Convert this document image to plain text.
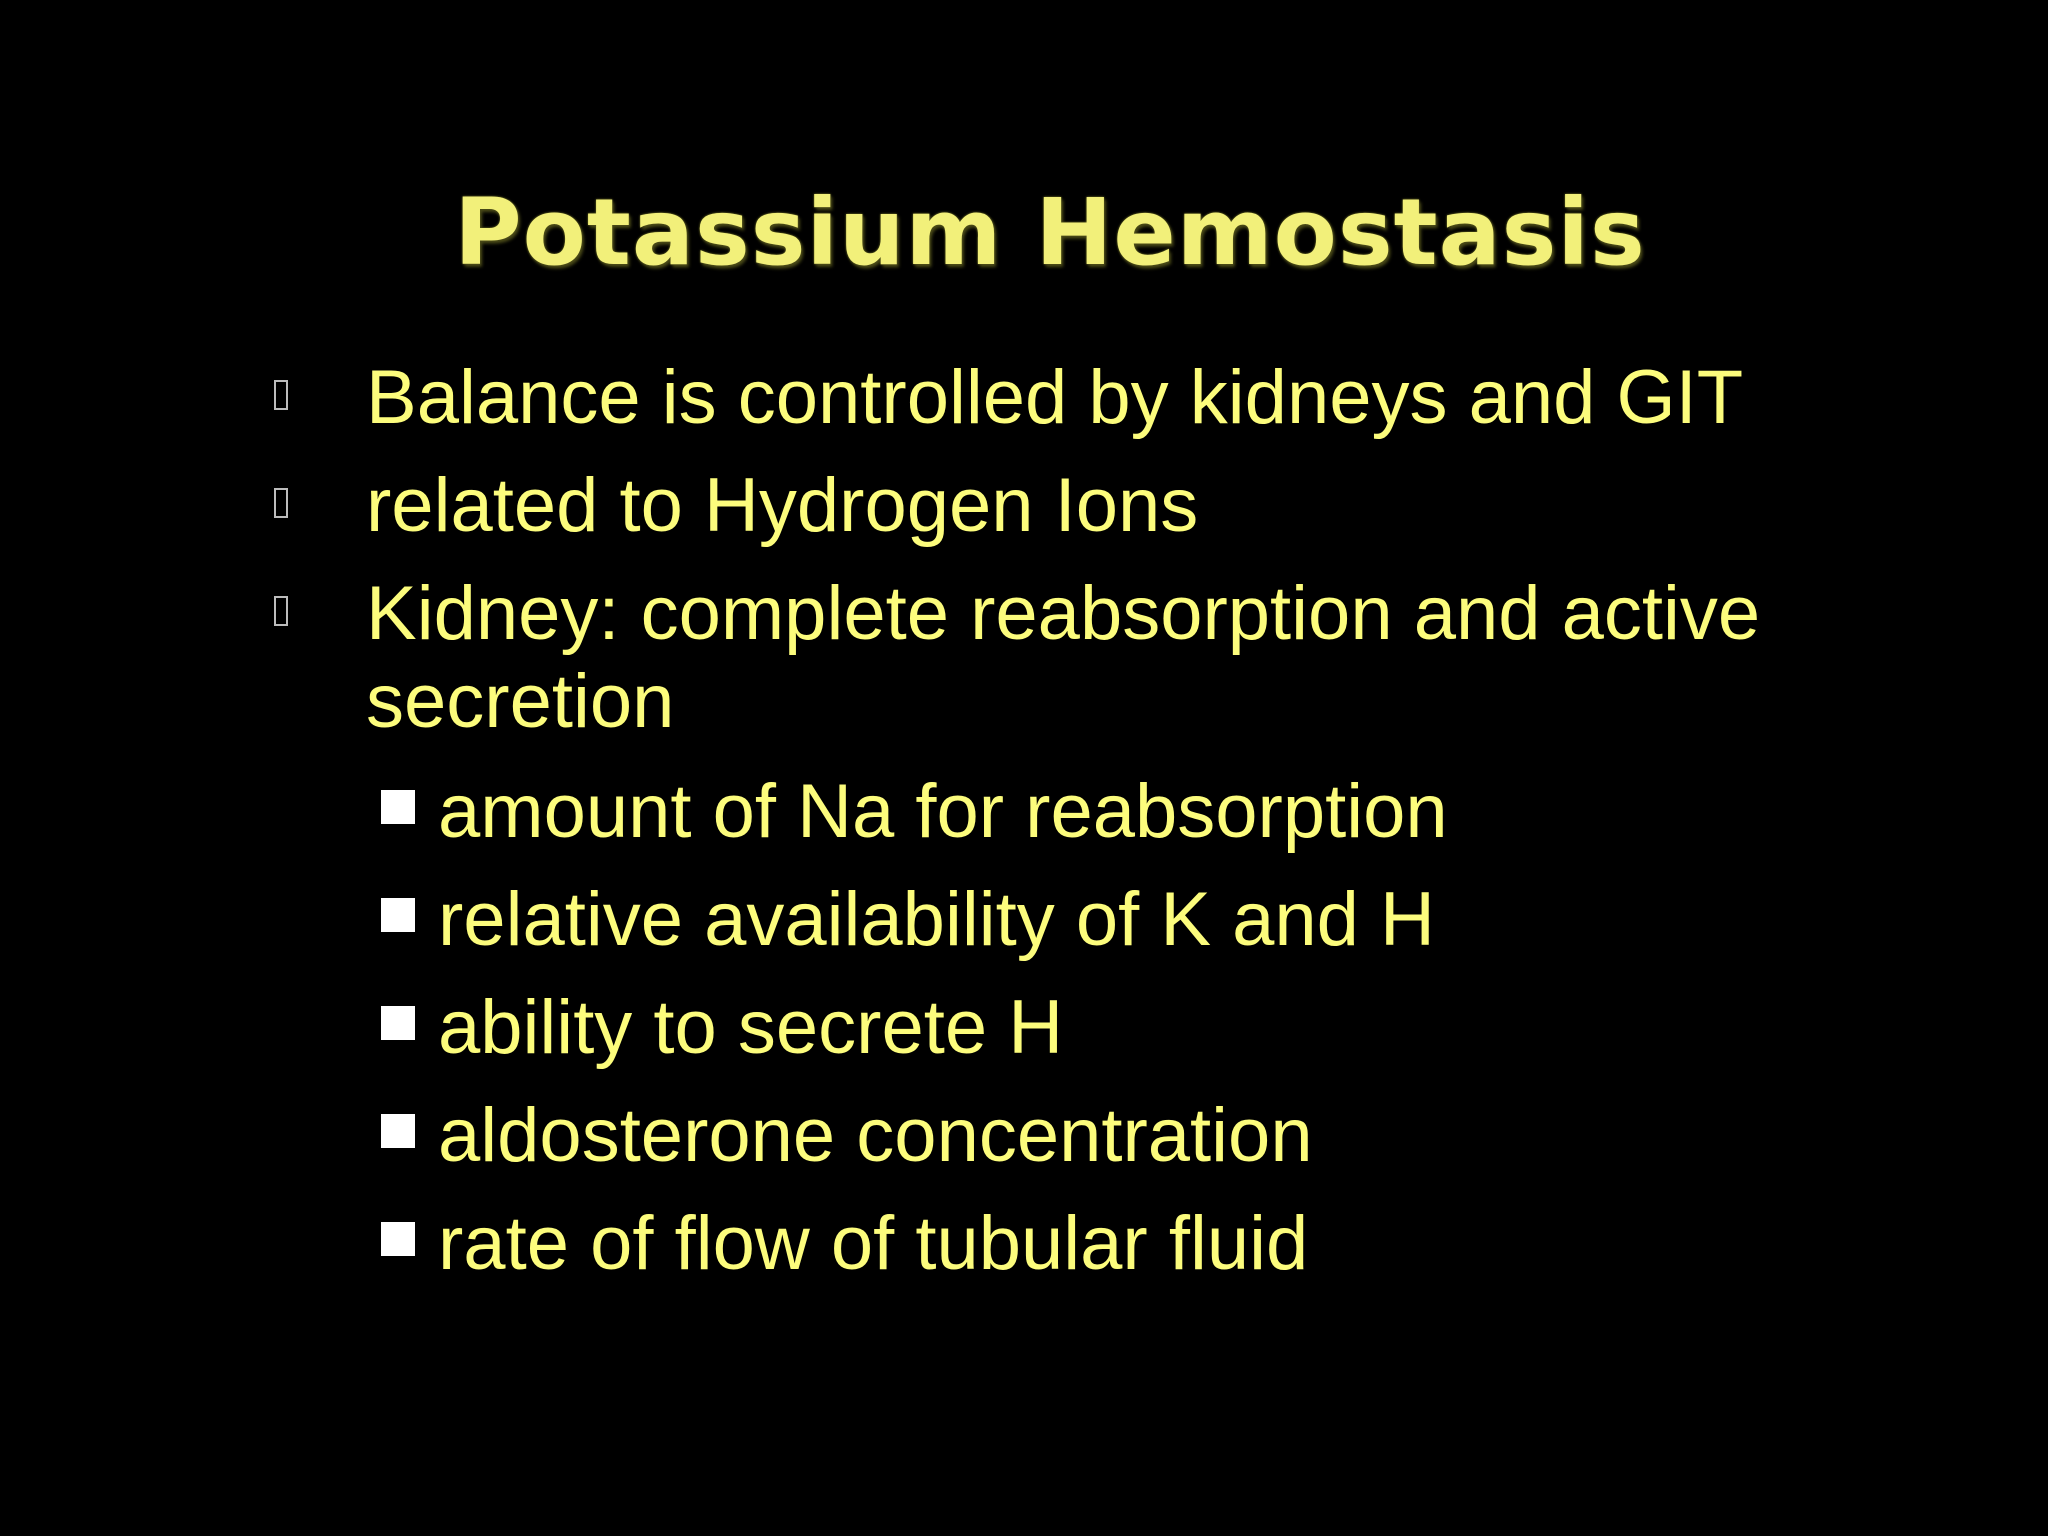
Potassium Hemostasis
Balance is controlled by kidneys and GIT
related to Hydrogen Ions
Kidney: complete reabsorption and active secretion
amount of Na for reabsorption
relative availability of K and H
ability to secrete H
aldosterone concentration
rate of flow of tubular fluid
